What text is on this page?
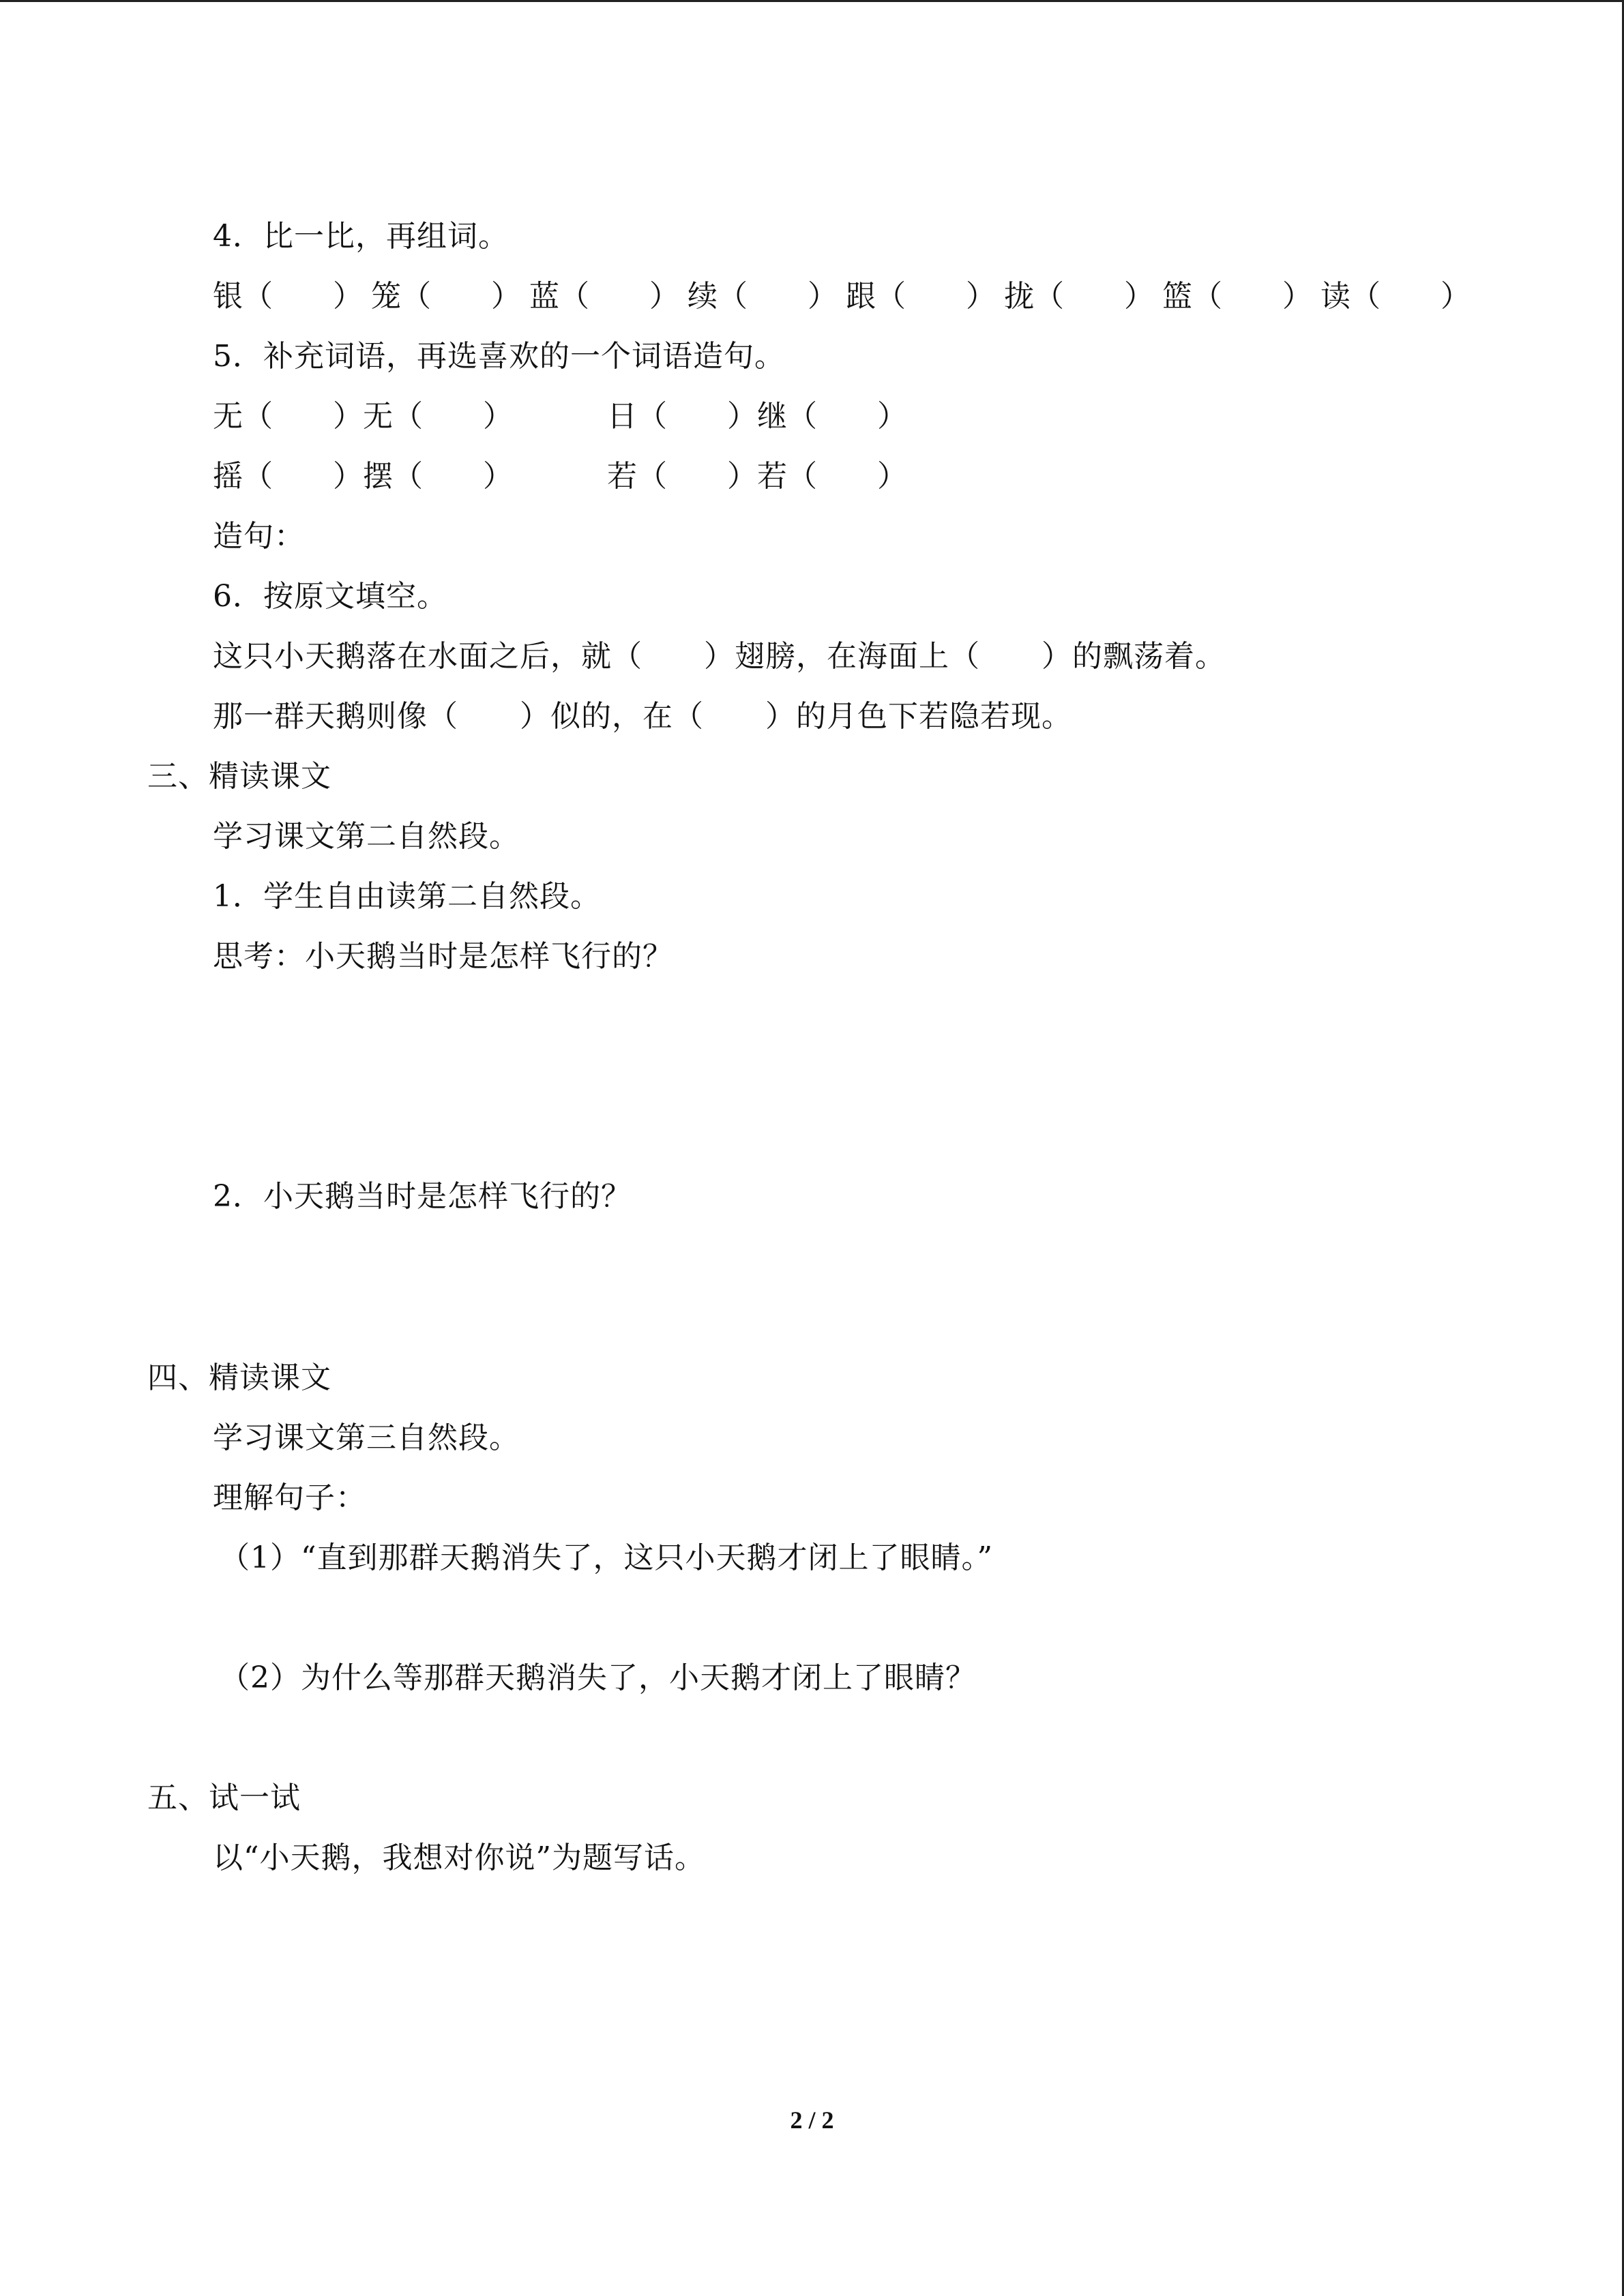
4．比一比，再组词。

银（　　）

笼（　　）

蓝（　　）

续（　　）

跟（　　）

拢（　　）

篮（　　）

读（　　）

5．补充词语，再选喜欢的一个词语造句。

无（　　）无（　　）

	日（　　）继（　　）

摇（　　）摆（　　）

	若（　　）若（　　）

造句：
6．按原文填空。
这只小天鹅落在水面之后，就（　　）翅膀，在海面上（　　）的飘荡着。
那一群天鹅则像（　　）似的，在（　　）的月色下若隐若现。
三、精读课文
学习课文第二自然段。
1．学生自由读第二自然段。
思考：小天鹅当时是怎样飞行的？
2．小天鹅当时是怎样飞行的？
四、精读课文
学习课文第三自然段。
理解句子：
（1）“直到那群天鹅消失了，这只小天鹅才闭上了眼睛。”
（2）为什么等那群天鹅消失了，小天鹅才闭上了眼睛？
五、试一试
以“小天鹅，我想对你说”为题写话。
2 / 2
